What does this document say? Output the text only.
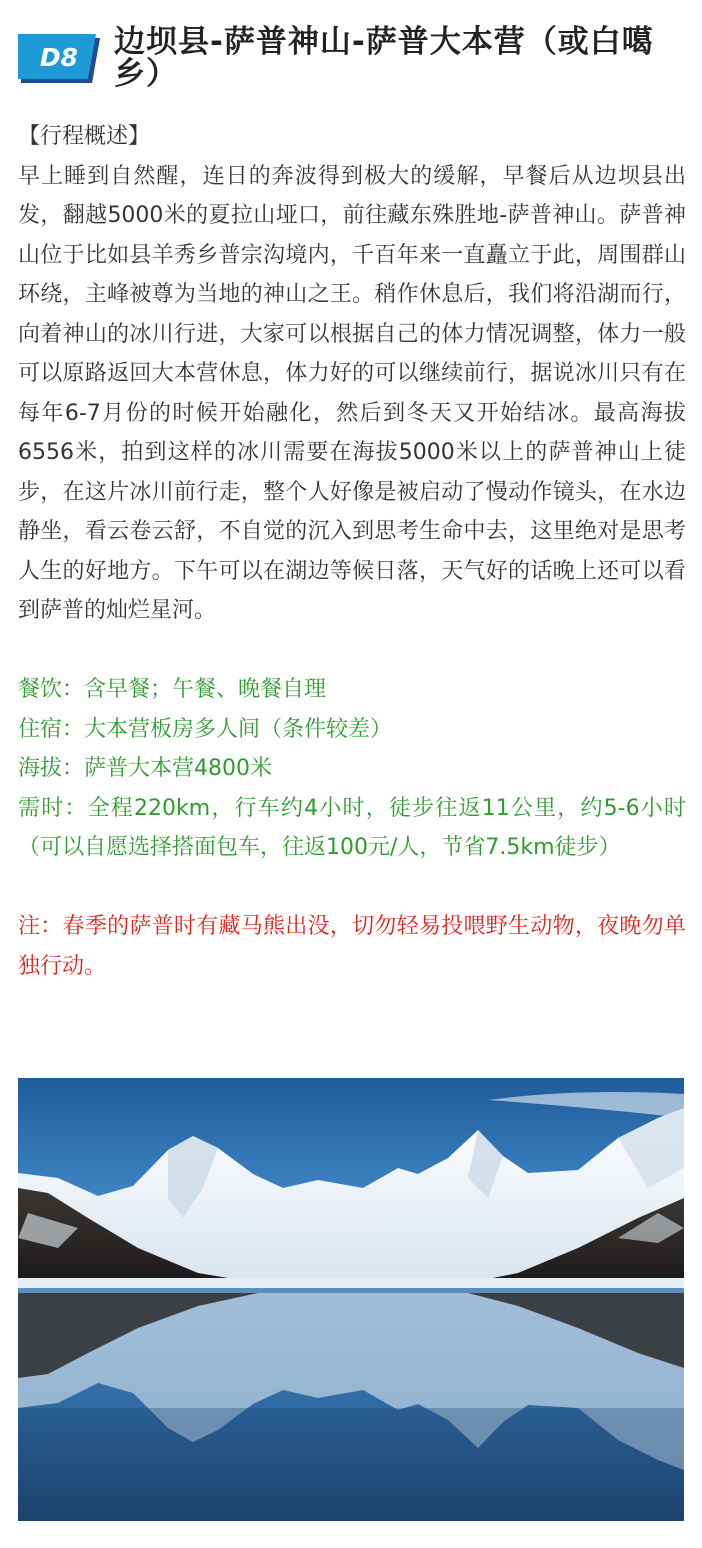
D8	边坝县-萨普神山-萨普大本营（或白噶乡）

【行程概述】

早上睡到自然醒，连日的奔波得到极大的缓解，早餐后从边坝县出发，翻越5000米的夏拉山垭口，前往藏东殊胜地-萨普神山。萨普神山位于比如县羊秀乡普宗沟境内，千百年来一直矗立于此，周围群山环绕，主峰被尊为当地的神山之王。稍作休息后，我们将沿湖而行，向着神山的冰川行进，大家可以根据自己的体力情况调整，体力一般可以原路返回大本营休息，体力好的可以继续前行，据说冰川只有在每年6-7月份的时候开始融化，然后到冬天又开始结冰。最高海拔6556米，拍到这样的冰川需要在海拔5000米以上的萨普神山上徒步，在这片冰川前行走，整个人好像是被启动了慢动作镜头，在水边静坐，看云卷云舒，不自觉的沉入到思考生命中去，这里绝对是思考人生的好地方。下午可以在湖边等候日落，天气好的话晚上还可以看到萨普的灿烂星河。

餐饮：含早餐；午餐、晚餐自理

住宿：大本营板房多人间（条件较差）

海拔：萨普大本营4800米

需时：全程220km，行车约4小时，徒步往返11公里，约5-6小时（可以自愿选择搭面包车，往返100元/人，节省7.5km徒步）

注：春季的萨普时有藏马熊出没，切勿轻易投喂野生动物，夜晚勿单独行动。
